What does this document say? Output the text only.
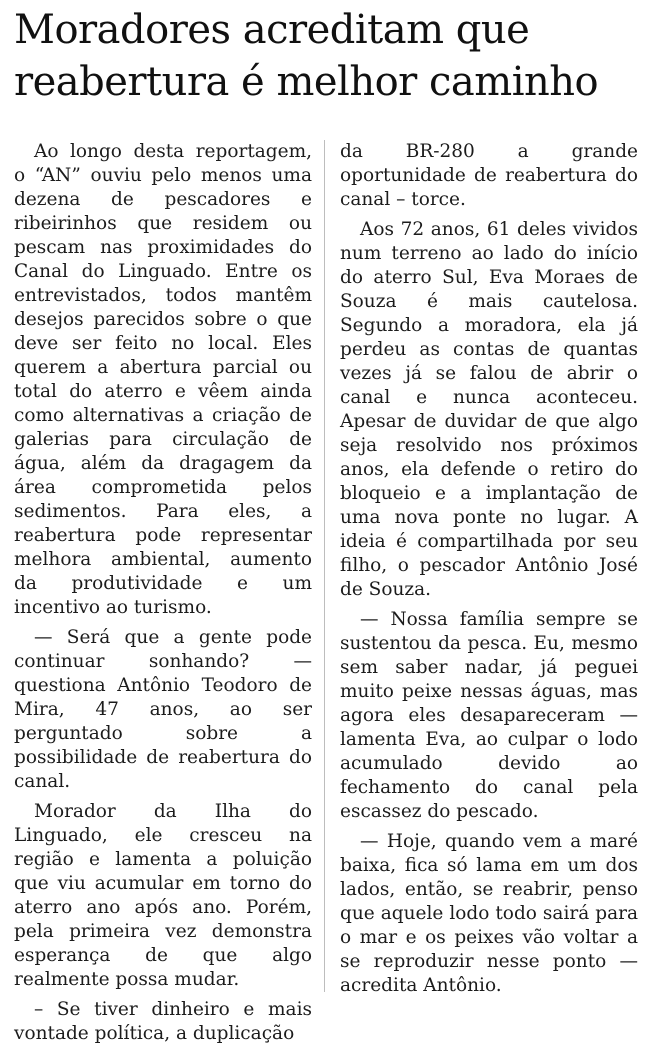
Moradores acreditam que
reabertura é melhor caminho

Ao longo desta reportagem, o “AN” ouviu pelo menos uma dezena de pescadores e ribeirinhos que residem ou pescam nas proximidades do Canal do Linguado. Entre os entrevistados, todos mantêm desejos parecidos sobre o que deve ser feito no local. Eles querem a abertura parcial ou total do aterro e vêem ainda como alternativas a criação de galerias para circulação de água, além da dragagem da área comprometida pelos sedimentos. Para eles, a reabertura pode representar melhora ambiental, aumento da produtividade e um incentivo ao turismo.

— Será que a gente pode continuar sonhando? — questiona Antônio Teodoro de Mira, 47 anos, ao ser perguntado sobre a possibilidade de reabertura do canal.

Morador da Ilha do Linguado, ele cresceu na região e lamenta a poluição que viu acumular em torno do aterro ano após ano. Porém, pela primeira vez demonstra esperança de que algo realmente possa mudar.

– Se tiver dinheiro e mais vontade política, a duplicação

da BR-280 a grande oportunidade de reabertura do canal – torce.

Aos 72 anos, 61 deles vividos num terreno ao lado do início do aterro Sul, Eva Moraes de Souza é mais cautelosa. Segundo a moradora, ela já perdeu as contas de quantas vezes já se falou de abrir o canal e nunca aconteceu. Apesar de duvidar de que algo seja resolvido nos próximos anos, ela defende o retiro do bloqueio e a implantação de uma nova ponte no lugar. A ideia é compartilhada por seu filho, o pescador Antônio José de Souza.

— Nossa família sempre se sustentou da pesca. Eu, mesmo sem saber nadar, já peguei muito peixe nessas águas, mas agora eles desapareceram — lamenta Eva, ao culpar o lodo acumulado devido ao fechamento do canal pela escassez do pescado.

— Hoje, quando vem a maré baixa, fica só lama em um dos lados, então, se reabrir, penso que aquele lodo todo sairá para o mar e os peixes vão voltar a se reproduzir nesse ponto — acredita Antônio.
